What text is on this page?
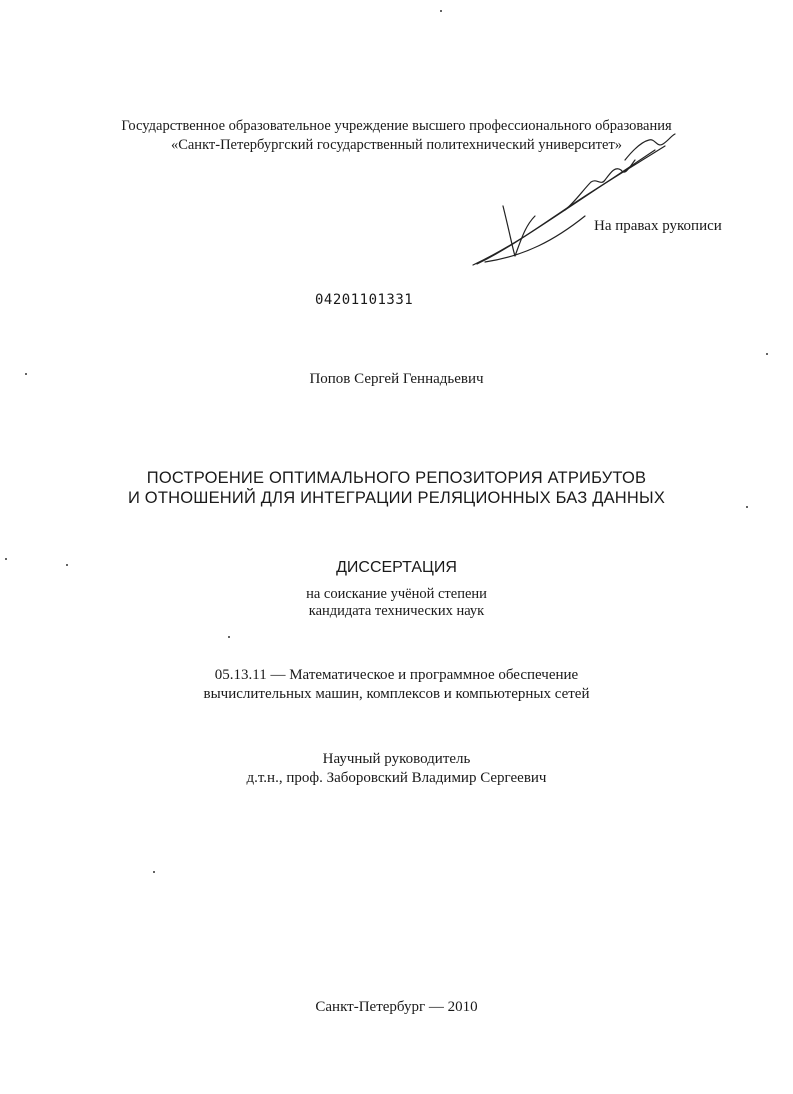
Государственное образовательное учреждение высшего профессионального образования
«Санкт-Петербургский государственный политехнический университет»
На правах рукописи
04201101331
Попов Сергей Геннадьевич
ПОСТРОЕНИЕ ОПТИМАЛЬНОГО РЕПОЗИТОРИЯ АТРИБУТОВ
И ОТНОШЕНИЙ ДЛЯ ИНТЕГРАЦИИ РЕЛЯЦИОННЫХ БАЗ ДАННЫХ
ДИССЕРТАЦИЯ
на соискание учёной степени
кандидата технических наук
05.13.11 — Математическое и программное обеспечение
вычислительных машин, комплексов и компьютерных сетей
Научный руководитель
д.т.н., проф. Заборовский Владимир Сергеевич
Санкт-Петербург — 2010
